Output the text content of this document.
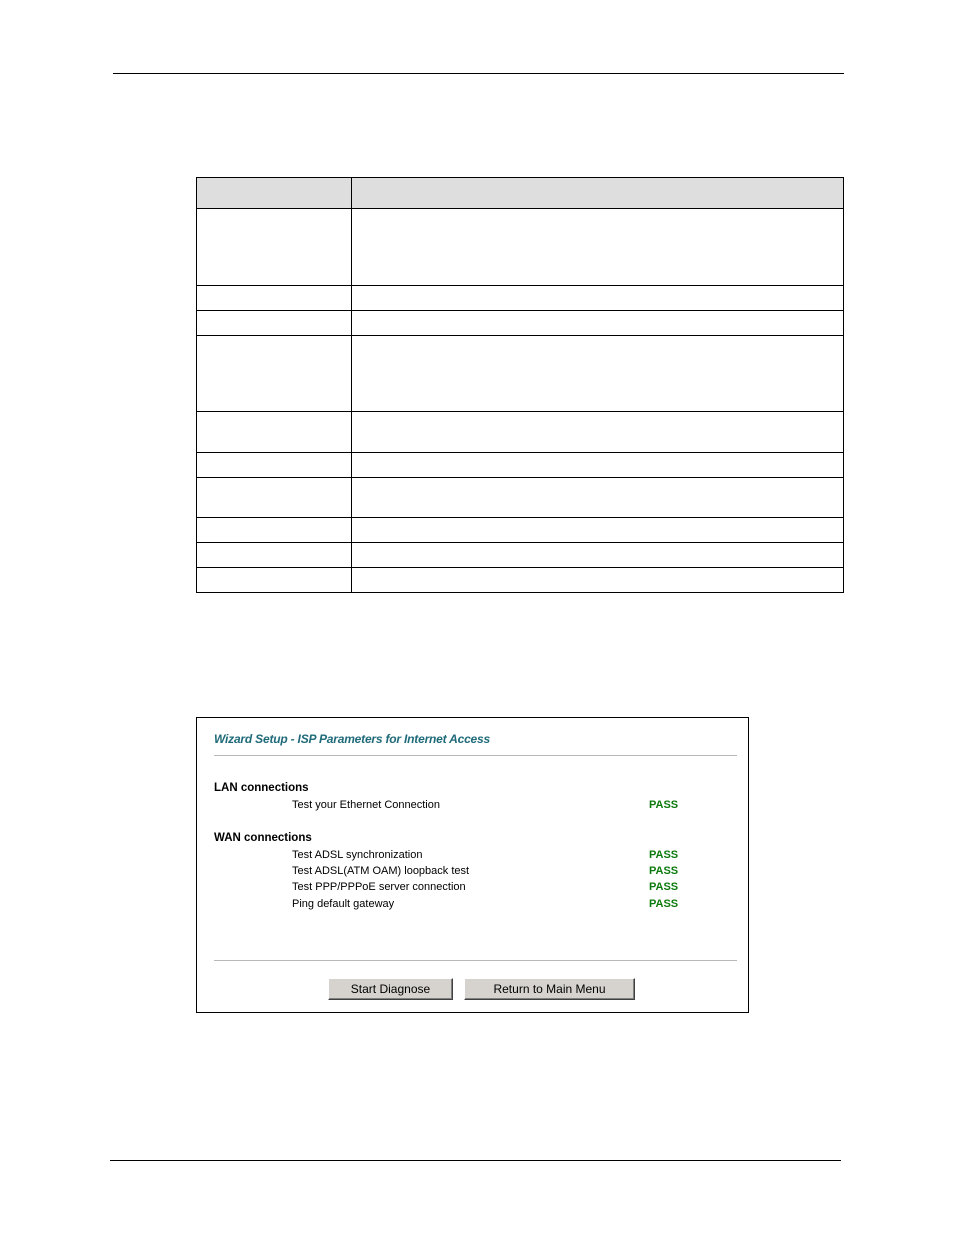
Wizard Setup - ISP Parameters for Internet Access
LAN connections
Test your Ethernet Connection	PASS
WAN connections
Test ADSL synchronization	PASS
Test ADSL(ATM OAM) loopback test	PASS
Test PPP/PPPoE server connection	PASS
Ping default gateway	PASS
Start Diagnose	Return to Main Menu
